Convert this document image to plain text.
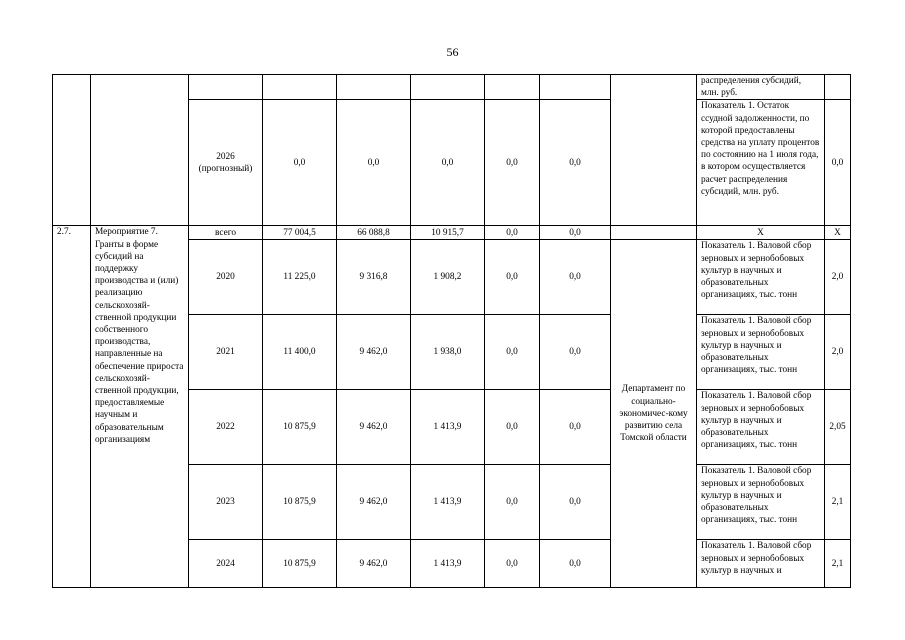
56
									распределения субсидий, млн. руб.	
		2026 (прогнозный)	0,0	0,0	0,0	0,0	0,0		Показатель 1. Остаток ссудной задолженности, по которой предоставлены средства на уплату процентов по состоянию на 1 июля года, в котором осуществляется расчет распределения субсидий, млн. руб.	0,0
2.7.	Мероприятие 7. Гранты в форме субсидий на поддержку производства и (или) реализацию сельскохозяй-ственной продукции собственного производства, направленные на обеспечение прироста сельскохозяй-ственной продукции, предоставляемые научным и образовательным организациям	всего	77 004,5	66 088,8	10 915,7	0,0	0,0		X	X
		2020	11 225,0	9 316,8	1 908,2	0,0	0,0	Департамент по социально-экономичес-кому развитию села Томской области	Показатель 1. Валовой сбор зерновых и зернобобовых культур в научных и образовательных организациях, тыс. тонн	2,0
		2021	11 400,0	9 462,0	1 938,0	0,0	0,0		Показатель 1. Валовой сбор зерновых и зернобобовых культур в научных и образовательных организациях, тыс. тонн	2,0
		2022	10 875,9	9 462,0	1 413,9	0,0	0,0		Показатель 1. Валовой сбор зерновых и зернобобовых культур в научных и образовательных организациях, тыс. тонн	2,05
		2023	10 875,9	9 462,0	1 413,9	0,0	0,0		Показатель 1. Валовой сбор зерновых и зернобобовых культур в научных и образовательных организациях, тыс. тонн	2,1
		2024	10 875,9	9 462,0	1 413,9	0,0	0,0		Показатель 1. Валовой сбор зерновых и зернобобовых культур в научных и	2,1
